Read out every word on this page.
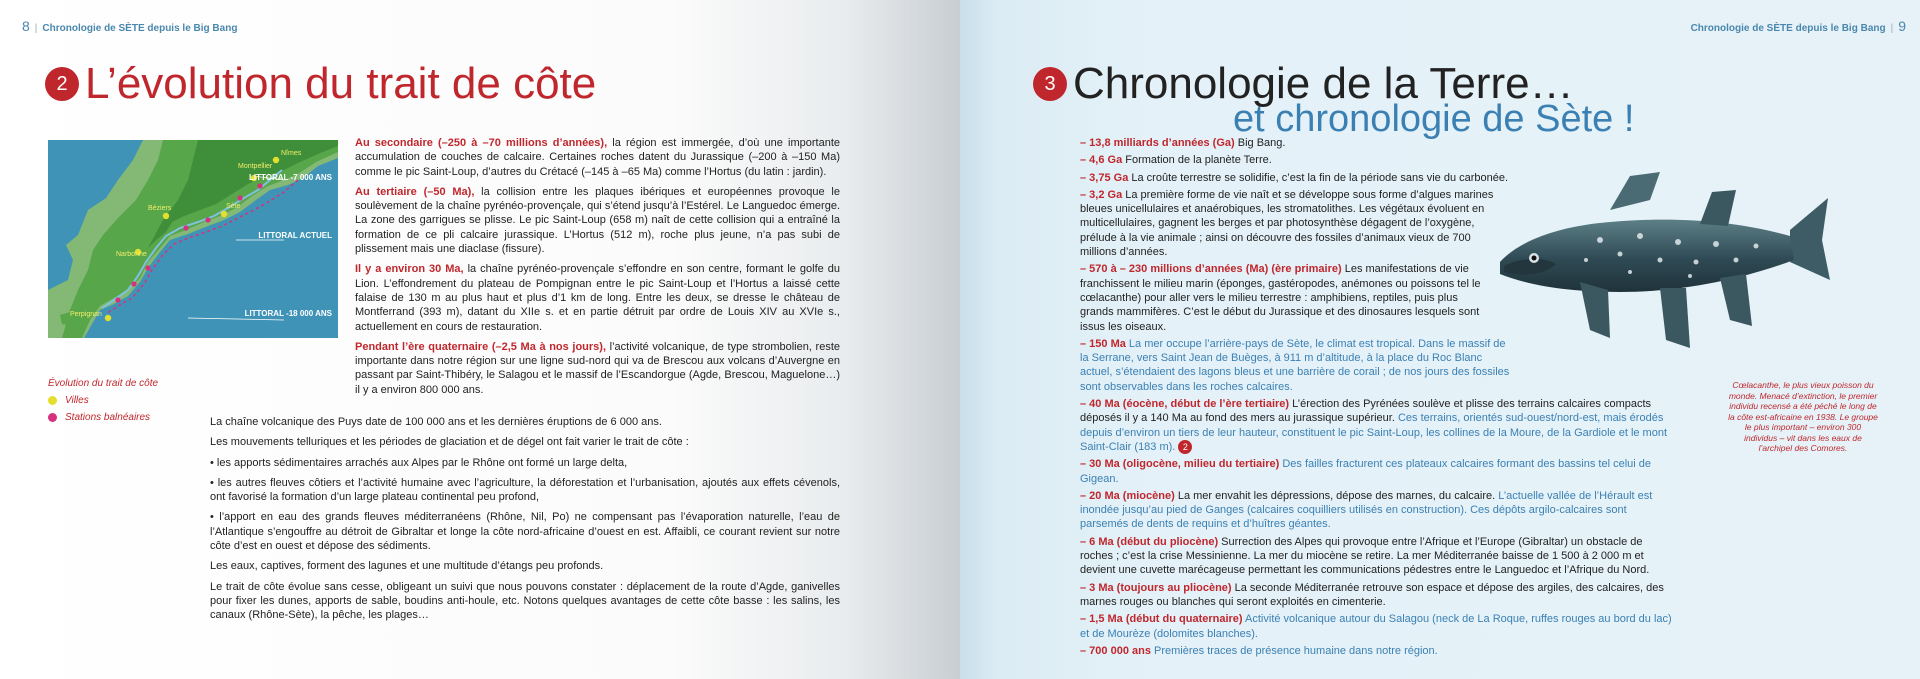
8 | Chronologie de SÈTE depuis le Big Bang
2 L’évolution du trait de côte
Nîmes
Montpellier
Béziers	Sète
Narbonne
Perpignan
LITTORAL -7 000 ANS
LITTORAL ACTUEL
LITTORAL -18 000 ANS
Évolution du trait de côte
Villes
Stations balnéaires

Au secondaire (–250 à –70 millions d’années), la région est immergée, d’où une importante accumulation de couches de calcaire. Certaines roches datent du Jurassique (–200 à –150 Ma) comme le pic Saint-Loup, d’autres du Crétacé (–145 à –65 Ma) comme l’Hortus (du latin : jardin).

Au tertiaire (–50 Ma), la collision entre les plaques ibériques et européennes provoque le soulèvement de la chaîne pyrénéo-provençale, qui s’étend jusqu’à l’Estérel. Le Languedoc émerge. La zone des garrigues se plisse. Le pic Saint-Loup (658 m) naît de cette collision qui a entraîné la formation de ce pli calcaire jurassique. L’Hortus (512 m), roche plus jeune, n’a pas subi de plissement mais une diaclase (fissure).

Il y a environ 30 Ma, la chaîne pyrénéo-provençale s’effondre en son centre, formant le golfe du Lion. L’effondrement du plateau de Pompignan entre le pic Saint-Loup et l’Hortus a laissé cette falaise de 130 m au plus haut et plus d’1 km de long. Entre les deux, se dresse le château de Montferrand (393 m), datant du XIIe s. et en partie détruit par ordre de Louis XIV au XVIe s., actuellement en cours de restauration.

Pendant l’ère quaternaire (–2,5 Ma à nos jours), l’activité volcanique, de type strombolien, reste importante dans notre région sur une ligne sud-nord qui va de Brescou aux volcans d’Auvergne en passant par Saint-Thibéry, le Salagou et le massif de l’Escandorgue (Agde, Brescou, Maguelone…) il y a environ 800 000 ans.

La chaîne volcanique des Puys date de 100 000 ans et les dernières éruptions de 6 000 ans.

Les mouvements telluriques et les périodes de glaciation et de dégel ont fait varier le trait de côte :

• les apports sédimentaires arrachés aux Alpes par le Rhône ont formé un large delta,

• les autres fleuves côtiers et l’activité humaine avec l’agriculture, la déforestation et l’urbanisation, ajoutés aux effets cévenols, ont favorisé la formation d’un large plateau continental peu profond,

• l’apport en eau des grands fleuves méditerranéens (Rhône, Nil, Po) ne compensant pas l’évaporation naturelle, l’eau de l’Atlantique s’engouffre au détroit de Gibraltar et longe la côte nord-africaine d’ouest en est. Affaibli, ce courant revient sur notre côte d’est en ouest et dépose des sédiments.

Les eaux, captives, forment des lagunes et une multitude d’étangs peu profonds.

Le trait de côte évolue sans cesse, obligeant un suivi que nous pouvons constater : déplacement de la route d’Agde, ganivelles pour fixer les dunes, apports de sable, boudins anti-houle, etc. Notons quelques avantages de cette côte basse : les salins, les canaux (Rhône-Sète), la pêche, les plages…

Chronologie de SÈTE depuis le Big Bang | 9
3 Chronologie de la Terre…
et chronologie de Sète !

– 13,8 milliards d’années (Ga) Big Bang.

– 4,6 Ga Formation de la planète Terre.

– 3,75 Ga La croûte terrestre se solidifie, c’est la fin de la période sans vie du carbonée.

– 3,2 Ga La première forme de vie naît et se développe sous forme d’algues marines bleues unicellulaires et anaérobiques, les stromatolithes. Les végétaux évoluent en multicellulaires, gagnent les berges et par photosynthèse dégagent de l’oxygène, prélude à la vie animale ; ainsi on découvre des fossiles d’animaux vieux de 700 millions d’années.

– 570 à – 230 millions d’années (Ma) (ère primaire) Les manifestations de vie franchissent le milieu marin (éponges, gastéropodes, anémones ou poissons tel le cœlacanthe) pour aller vers le milieu terrestre : amphibiens, reptiles, puis plus grands mammifères. C’est le début du Jurassique et des dinosaures lesquels sont issus les oiseaux.

– 150 Ma La mer occupe l’arrière-pays de Sète, le climat est tropical. Dans le massif de la Serrane, vers Saint Jean de Buèges, à 911 m d’altitude, à la place du Roc Blanc actuel, s’étendaient des lagons bleus et une barrière de corail ; de nos jours des fossiles sont observables dans les roches calcaires.

– 40 Ma (éocène, début de l’ère tertiaire) L’érection des Pyrénées soulève et plisse des terrains calcaires compacts déposés il y a 140 Ma au fond des mers au jurassique supérieur. Ces terrains, orientés sud-ouest/nord-est, mais érodés depuis d’environ un tiers de leur hauteur, constituent le pic Saint-Loup, les collines de la Moure, de la Gardiole et le mont Saint-Clair (183 m). 2

– 30 Ma (oligocène, milieu du tertiaire) Des failles fracturent ces plateaux calcaires formant des bassins tel celui de Gigean.

– 20 Ma (miocène) La mer envahit les dépressions, dépose des marnes, du calcaire. L’actuelle vallée de l’Hérault est inondée jusqu’au pied de Ganges (calcaires coquilliers utilisés en construction). Ces dépôts argilo-calcaires sont parsemés de dents de requins et d’huîtres géantes.

– 6 Ma (début du pliocène) Surrection des Alpes qui provoque entre l’Afrique et l’Europe (Gibraltar) un obstacle de roches ; c’est la crise Messinienne. La mer du miocène se retire. La mer Méditerranée baisse de 1 500 à 2 000 m et devient une cuvette marécageuse permettant les communications pédestres entre le Languedoc et l’Afrique du Nord.

– 3 Ma (toujours au pliocène) La seconde Méditerranée retrouve son espace et dépose des argiles, des calcaires, des marnes rouges ou blanches qui seront exploités en cimenterie.

– 1,5 Ma (début du quaternaire) Activité volcanique autour du Salagou (neck de La Roque, ruffes rouges au bord du lac) et de Mourèze (dolomites blanches).

– 700 000 ans Premières traces de présence humaine dans notre région.

Cœlacanthe, le plus vieux poisson du monde. Menacé d’extinction, le premier individu recensé a été péché le long de la côte est-africaine en 1938. Le groupe le plus important – environ 300 individus – vit dans les eaux de l’archipel des Comores.
